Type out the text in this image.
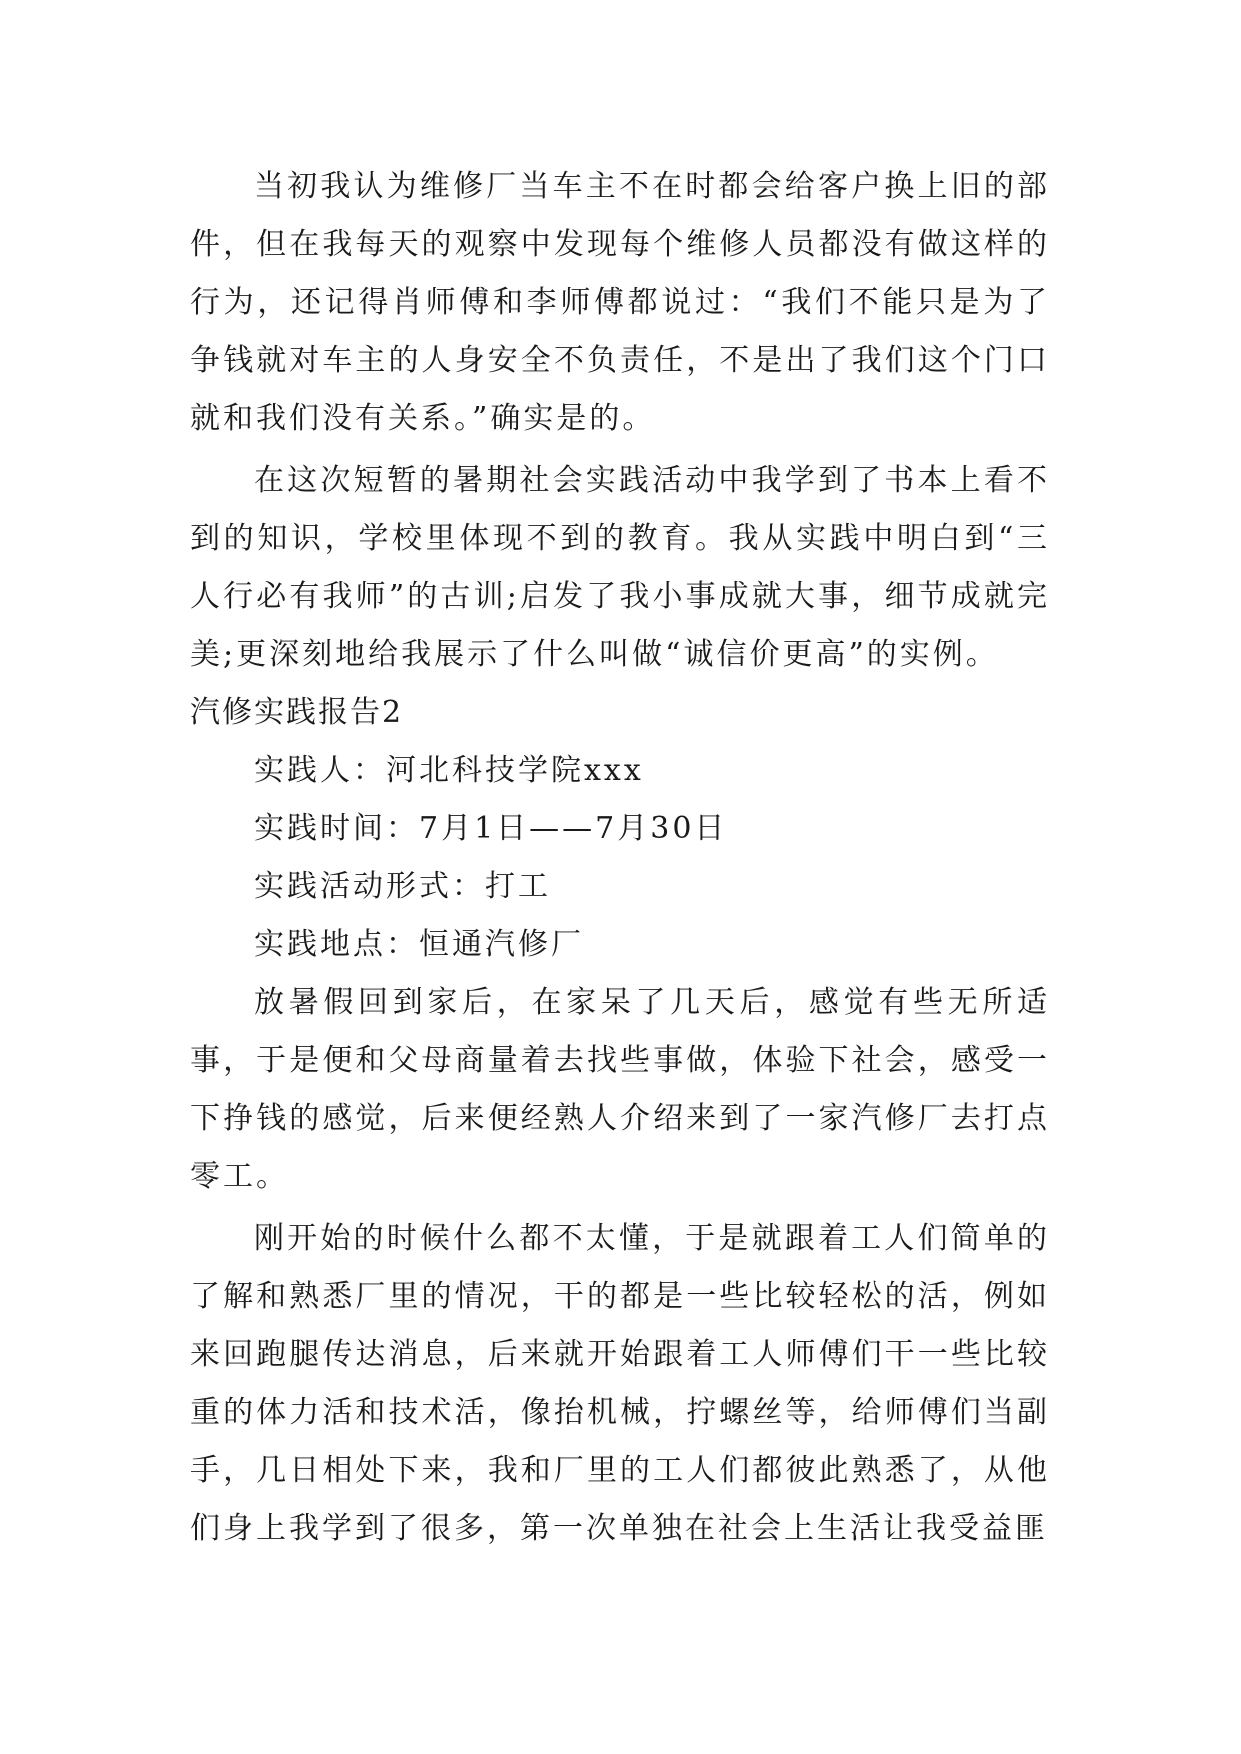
当初我认为维修厂当车主不在时都会给客户换上旧的部件，但在我每天的观察中发现每个维修人员都没有做这样的行为，还记得肖师傅和李师傅都说过：“我们不能只是为了争钱就对车主的人身安全不负责任，不是出了我们这个门口就和我们没有关系。”确实是的。

在这次短暂的暑期社会实践活动中我学到了书本上看不到的知识，学校里体现不到的教育。我从实践中明白到“三人行必有我师”的古训;启发了我小事成就大事，细节成就完美;更深刻地给我展示了什么叫做“诚信价更高”的实例。

汽修实践报告2

实践人：河北科技学院xxx

实践时间：7月1日——7月30日

实践活动形式：打工

实践地点：恒通汽修厂

放暑假回到家后，在家呆了几天后，感觉有些无所适事，于是便和父母商量着去找些事做，体验下社会，感受一下挣钱的感觉，后来便经熟人介绍来到了一家汽修厂去打点零工。

刚开始的时候什么都不太懂，于是就跟着工人们简单的了解和熟悉厂里的情况，干的都是一些比较轻松的活，例如来回跑腿传达消息，后来就开始跟着工人师傅们干一些比较重的体力活和技术活，像抬机械，拧螺丝等，给师傅们当副手，几日相处下来，我和厂里的工人们都彼此熟悉了，从他们身上我学到了很多，第一次单独在社会上生活让我受益匪
